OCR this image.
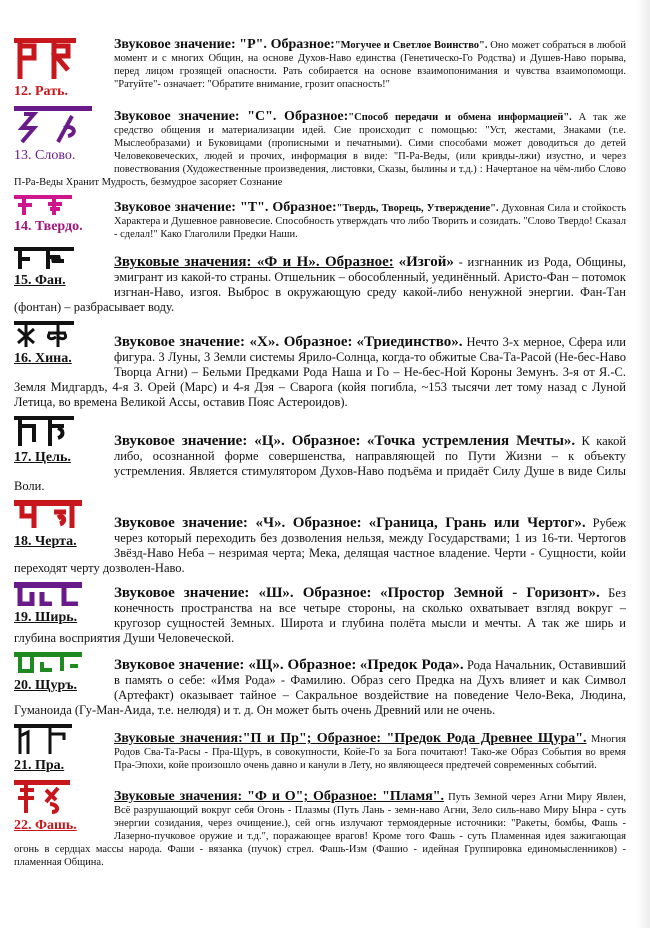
12. Рать.

Звуковое значение: "Р". Образное:"Могучее и Светлое Воинство". Оно может собраться в любой момент и с многих Общин, на основе Духов-Наво единства (Генетическо-Го Родства) и Душев-Наво порыва, перед лицом грозящей опасности. Рать собирается на основе взаимопонимания и чувства взаимопомощи. "Ратуйте"- означает: "Обратите внимание, грозит опасность!"

13. Слово.

Звуковое значение: "С". Образное:"Способ передачи и обмена информацией". А так же средство общения и материализации идей. Сие происходит с помощью: "Уст, жестами, Знаками (т.е. Мыслеобразами) и Буковицами (прописными и печатными). Сими способами может доводиться до детей Человековеческих, людей и прочих, информация в виде: "П-Ра-Веды, (или кривды-лжи) изустно, и через повествования (Художественные произведения, листовки, Сказы, былины и т.д.) : Начертаное на чём-либо Слово П-Ра-Веды Хранит Мудрость, безмудрое засоряет Сознание

14. Твердо.

Звуковое значение: "Т". Образное:"Твердь, Творець, Утверждение". Духовная Сила и стойкость Характера и Душевное равновесие. Способность утверждать что либо Творить и созидать. "Слово Твердо! Сказал - сделал!" Како Глаголили Предки Наши.

15. Фан.

Звуковые значения: «Ф и Н». Образное: «Изгой» - изгнанник из Рода, Общины, эмигрант из какой-то страны. Отшельник – обособленный, уединённый. Аристо-Фан – потомок изгнан-Наво, изгоя. Выброс в окружающую среду какой-либо ненужной энергии. Фан-Тан (фонтан) – разбрасывает воду.

16. Хина.

Звуковое значение: «Х». Образное: «Триединство». Нечто 3-х мерное, Сфера или фигура. 3 Луны, 3 Земли системы Ярило-Солнца, когда-то обжитые Сва-Та-Расой (Не-бес-Наво Творца Агни) – Бельми Предками Рода Наша и Го – Не-бес-Ной Короны Земунъ. 3-я от Я.-С. Земля Мидгардъ, 4-я З. Орей (Марс) и 4-я Дэя – Сварога (койя погибла, ~153 тысячи лет тому назад с Луной Летица, во времена Великой Ассы, оставив Пояс Астероидов).

17. Цель.

Звуковое значение: «Ц». Образное: «Точка устремления Мечты». К какой либо, осознанной форме совершенства, направляющей по Пути Жизни – к объекту устремления. Является стимулятором Духов-Наво подъёма и придаёт Силу Душе в виде Силы Воли.

18. Черта.

Звуковое значение: «Ч». Образное: «Граница, Грань или Чертог». Рубеж через который переходить без дозволения нельзя, между Государствами; 1 из 16-ти. Чертогов Звёзд-Наво Неба – незримая черта; Мека, делящая частное владение. Черти - Сущности, койи переходят черту дозволен-Наво.

19. Ширь.

Звуковое значение: «Ш». Образное: «Простор Земной - Горизонт». Без конечность пространства на все четыре стороны, на сколько охватывает взгляд вокруг – кругозор сущностей Земных. Широта и глубина полёта мысли и мечты. А так же ширь и глубина восприятия Души Человеческой.

20. Щуръ.

Звуковое значение: «Щ». Образное: «Предок Рода». Рода Начальник, Оставивший в память о себе: «Имя Рода» - Фамилию. Образ сего Предка на Духъ влияет и как Символ (Артефакт) оказывает тайное – Сакральное воздействие на поведение Чело-Века, Людина, Гуманоида (Гу-Ман-Аида, т.е. нелюдя) и т. д. Он может быть очень Древний или не очень.

21. Пра.

Звуковые значения:"П и Пр"; Образное: "Предок Рода Древнее Щура". Многия Родов Сва-Та-Расы - Пра-Щуръ, в совокупности, Койе-Го за Бога почитают! Тако-же Образ События во время Пра-Эпохи, койе произошло очень давно и канули в Лету, но являющееся предтечей современных событий.

22. Фашь.

Звуковые значения: "Ф и О"; Образное: "Пламя". Путь Земной через Агни Миру Явлен, Всё разрушающий вокруг себя Огонь - Плазмы (Путь Лань - земн-наво Агни, Зело силь-наво Миру Ынра - суть энергии созидания, через очищение.), сей огнь излучают термоядерные источники: "Ракеты, бомбы, Фашь - Лазерно-пучковое оружие и т.д.", поражающее врагов! Кроме того Фашь - суть Пламенная идея зажигающая огонь в сердцах массы народа. Фаши - вязанка (пучок) стрел. Фашь-Изм (Фашио - идейная Группировка единомысленников) - пламенная Община.
